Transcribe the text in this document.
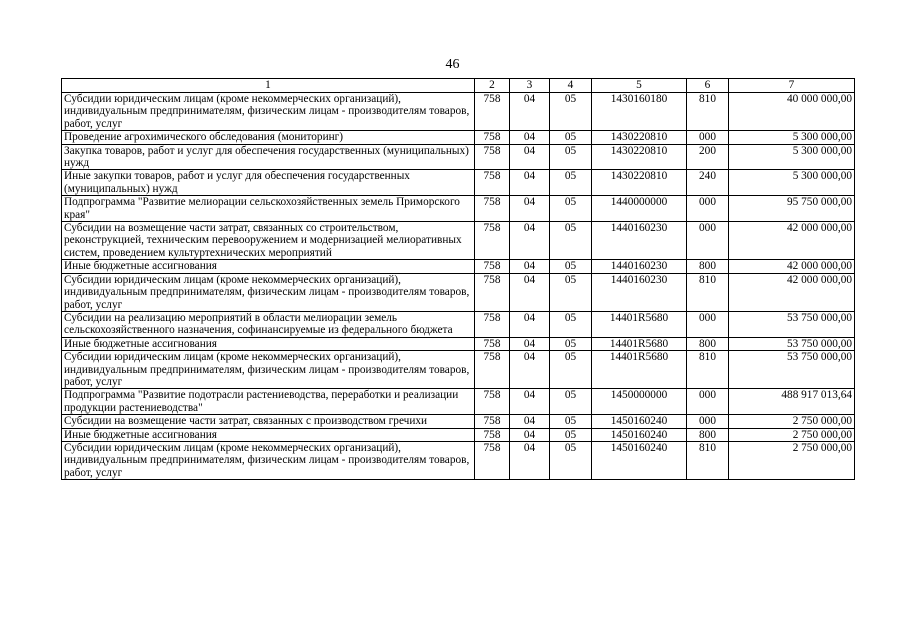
46
1	2	3	4	5	6	7
Субсидии юридическим лицам (кроме некоммерческих организаций), индивидуальным предпринимателям, физическим лицам - производителям товаров, работ, услуг	758	04	05	1430160180	810	40 000 000,00
Проведение агрохимического обследования (мониторинг)	758	04	05	1430220810	000	5 300 000,00
Закупка товаров, работ и услуг для обеспечения государственных (муниципальных) нужд	758	04	05	1430220810	200	5 300 000,00
Иные закупки товаров, работ и услуг для обеспечения государственных (муниципальных) нужд	758	04	05	1430220810	240	5 300 000,00
Подпрограмма "Развитие мелиорации сельскохозяйственных земель Приморского края"	758	04	05	1440000000	000	95 750 000,00
Субсидии на возмещение части затрат, связанных со строительством, реконструкцией, техническим перевооружением и модернизацией мелиоративных систем, проведением культуртехнических мероприятий	758	04	05	1440160230	000	42 000 000,00
Иные бюджетные ассигнования	758	04	05	1440160230	800	42 000 000,00
Субсидии юридическим лицам (кроме некоммерческих организаций), индивидуальным предпринимателям, физическим лицам - производителям товаров, работ, услуг	758	04	05	1440160230	810	42 000 000,00
Субсидии на реализацию мероприятий в области мелиорации земель сельскохозяйственного назначения, софинансируемые из федерального бюджета	758	04	05	14401R5680	000	53 750 000,00
Иные бюджетные ассигнования	758	04	05	14401R5680	800	53 750 000,00
Субсидии юридическим лицам (кроме некоммерческих организаций), индивидуальным предпринимателям, физическим лицам - производителям товаров, работ, услуг	758	04	05	14401R5680	810	53 750 000,00
Подпрограмма "Развитие подотрасли растениеводства, переработки и реализации продукции растениеводства"	758	04	05	1450000000	000	488 917 013,64
Субсидии на возмещение части затрат, связанных с производством гречихи	758	04	05	1450160240	000	2 750 000,00
Иные бюджетные ассигнования	758	04	05	1450160240	800	2 750 000,00
Субсидии юридическим лицам (кроме некоммерческих организаций), индивидуальным предпринимателям, физическим лицам - производителям товаров, работ, услуг	758	04	05	1450160240	810	2 750 000,00
